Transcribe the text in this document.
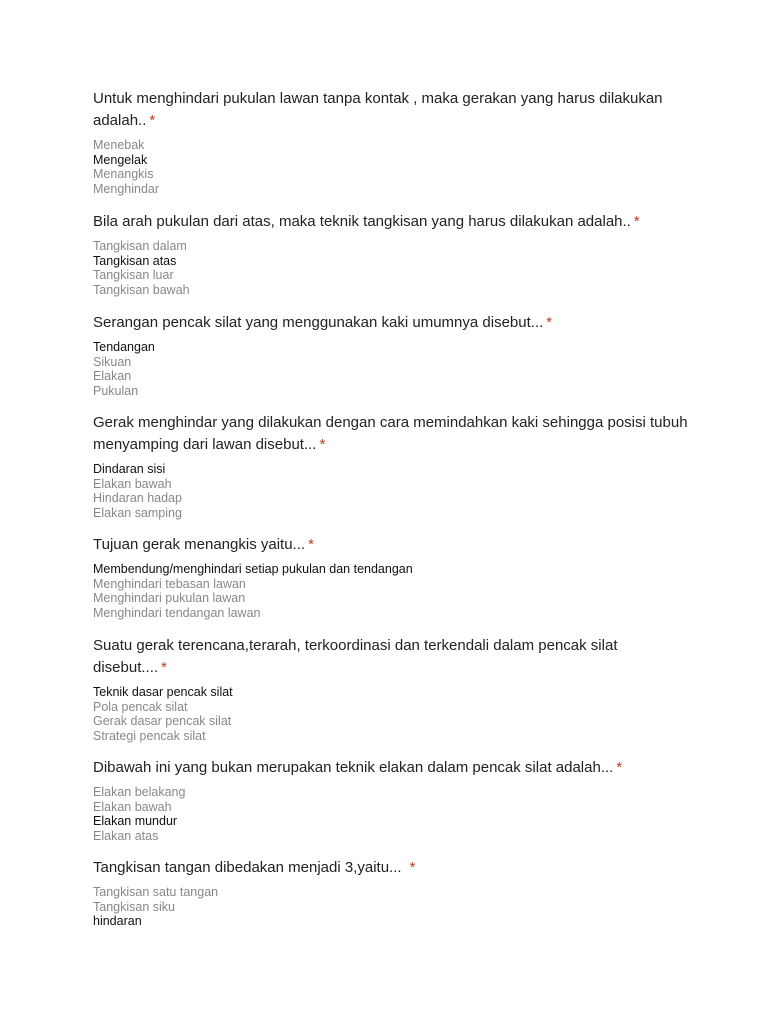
Untuk menghindari pukulan lawan tanpa kontak , maka gerakan yang harus dilakukan adalah.. *

Menebak
Mengelak
Menangkis
Menghindar

Bila arah pukulan dari atas, maka teknik tangkisan yang harus dilakukan adalah.. *

Tangkisan dalam
Tangkisan atas
Tangkisan luar
Tangkisan bawah

Serangan pencak silat yang menggunakan kaki umumnya disebut... *

Tendangan
Sikuan
Elakan
Pukulan

Gerak menghindar yang dilakukan dengan cara memindahkan kaki sehingga posisi tubuh menyamping dari lawan disebut... *

Dindaran sisi
Elakan bawah
Hindaran hadap
Elakan samping

Tujuan gerak menangkis yaitu... *

Membendung/menghindari setiap pukulan dan tendangan
Menghindari tebasan lawan
Menghindari pukulan lawan
Menghindari tendangan lawan

Suatu gerak terencana,terarah, terkoordinasi dan terkendali dalam pencak silat disebut.... *

Teknik dasar pencak silat
Pola pencak silat
Gerak dasar pencak silat
Strategi pencak silat

Dibawah ini yang bukan merupakan teknik elakan dalam pencak silat adalah... *

Elakan belakang
Elakan bawah
Elakan mundur
Elakan atas

Tangkisan tangan dibedakan menjadi 3,yaitu... *

Tangkisan satu tangan
Tangkisan siku
hindaran
